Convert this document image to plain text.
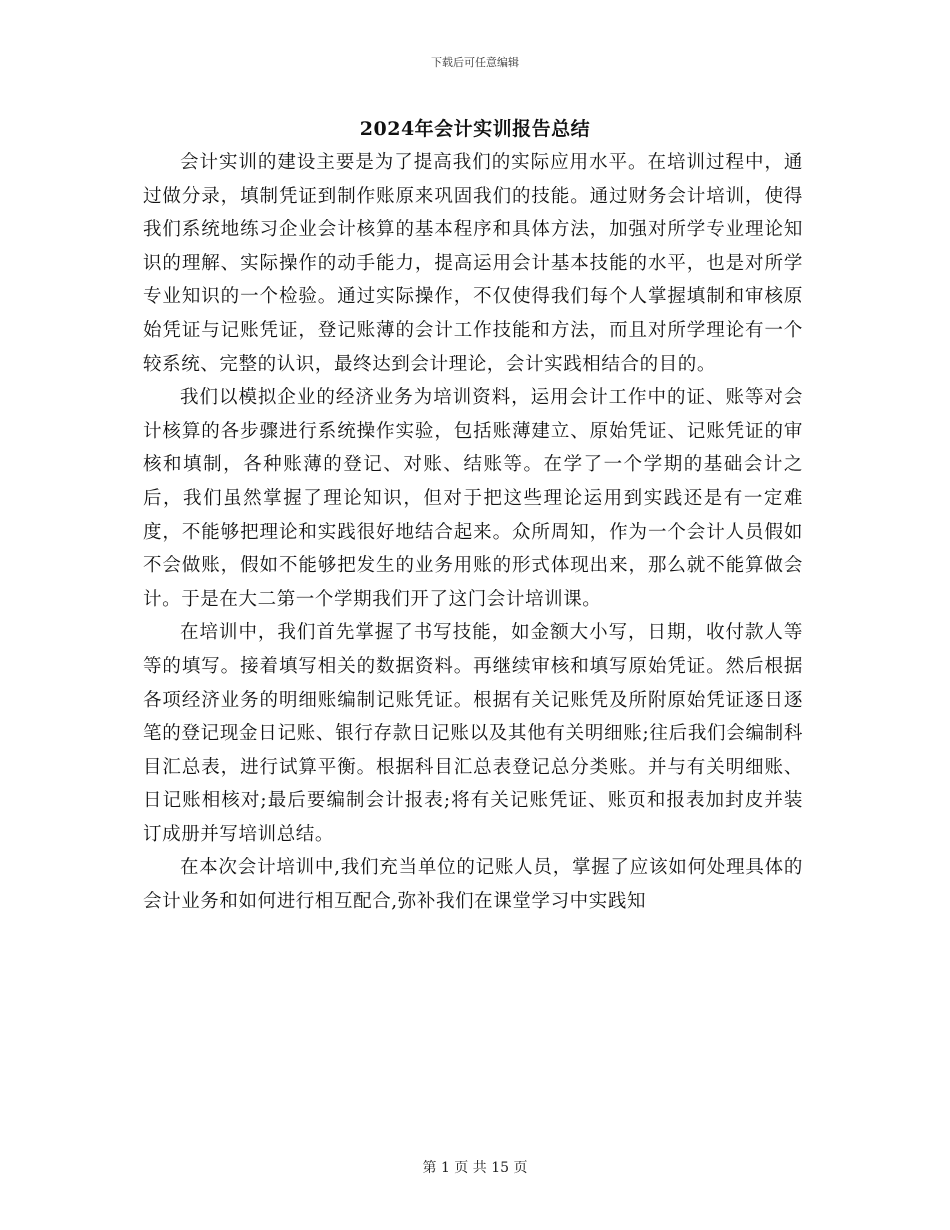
下载后可任意编辑
2024年会计实训报告总结

会计实训的建设主要是为了提高我们的实际应用水平。在培训过程中，通过做分录，填制凭证到制作账原来巩固我们的技能。通过财务会计培训，使得我们系统地练习企业会计核算的基本程序和具体方法，加强对所学专业理论知识的理解、实际操作的动手能力，提高运用会计基本技能的水平，也是对所学专业知识的一个检验。通过实际操作，不仅使得我们每个人掌握填制和审核原始凭证与记账凭证，登记账薄的会计工作技能和方法，而且对所学理论有一个较系统、完整的认识，最终达到会计理论，会计实践相结合的目的。

我们以模拟企业的经济业务为培训资料，运用会计工作中的证、账等对会计核算的各步骤进行系统操作实验，包括账薄建立、原始凭证、记账凭证的审核和填制，各种账薄的登记、对账、结账等。在学了一个学期的基础会计之后，我们虽然掌握了理论知识，但对于把这些理论运用到实践还是有一定难度，不能够把理论和实践很好地结合起来。众所周知，作为一个会计人员假如不会做账，假如不能够把发生的业务用账的形式体现出来，那么就不能算做会计。于是在大二第一个学期我们开了这门会计培训课。

在培训中，我们首先掌握了书写技能，如金额大小写，日期，收付款人等等的填写。接着填写相关的数据资料。再继续审核和填写原始凭证。然后根据各项经济业务的明细账编制记账凭证。根据有关记账凭及所附原始凭证逐日逐笔的登记现金日记账、银行存款日记账以及其他有关明细账;往后我们会编制科目汇总表，进行试算平衡。根据科目汇总表登记总分类账。并与有关明细账、日记账相核对;最后要编制会计报表;将有关记账凭证、账页和报表加封皮并装订成册并写培训总结。

在本次会计培训中,我们充当单位的记账人员，掌握了应该如何处理具体的会计业务和如何进行相互配合,弥补我们在课堂学习中实践知

第 1 页 共 15 页
